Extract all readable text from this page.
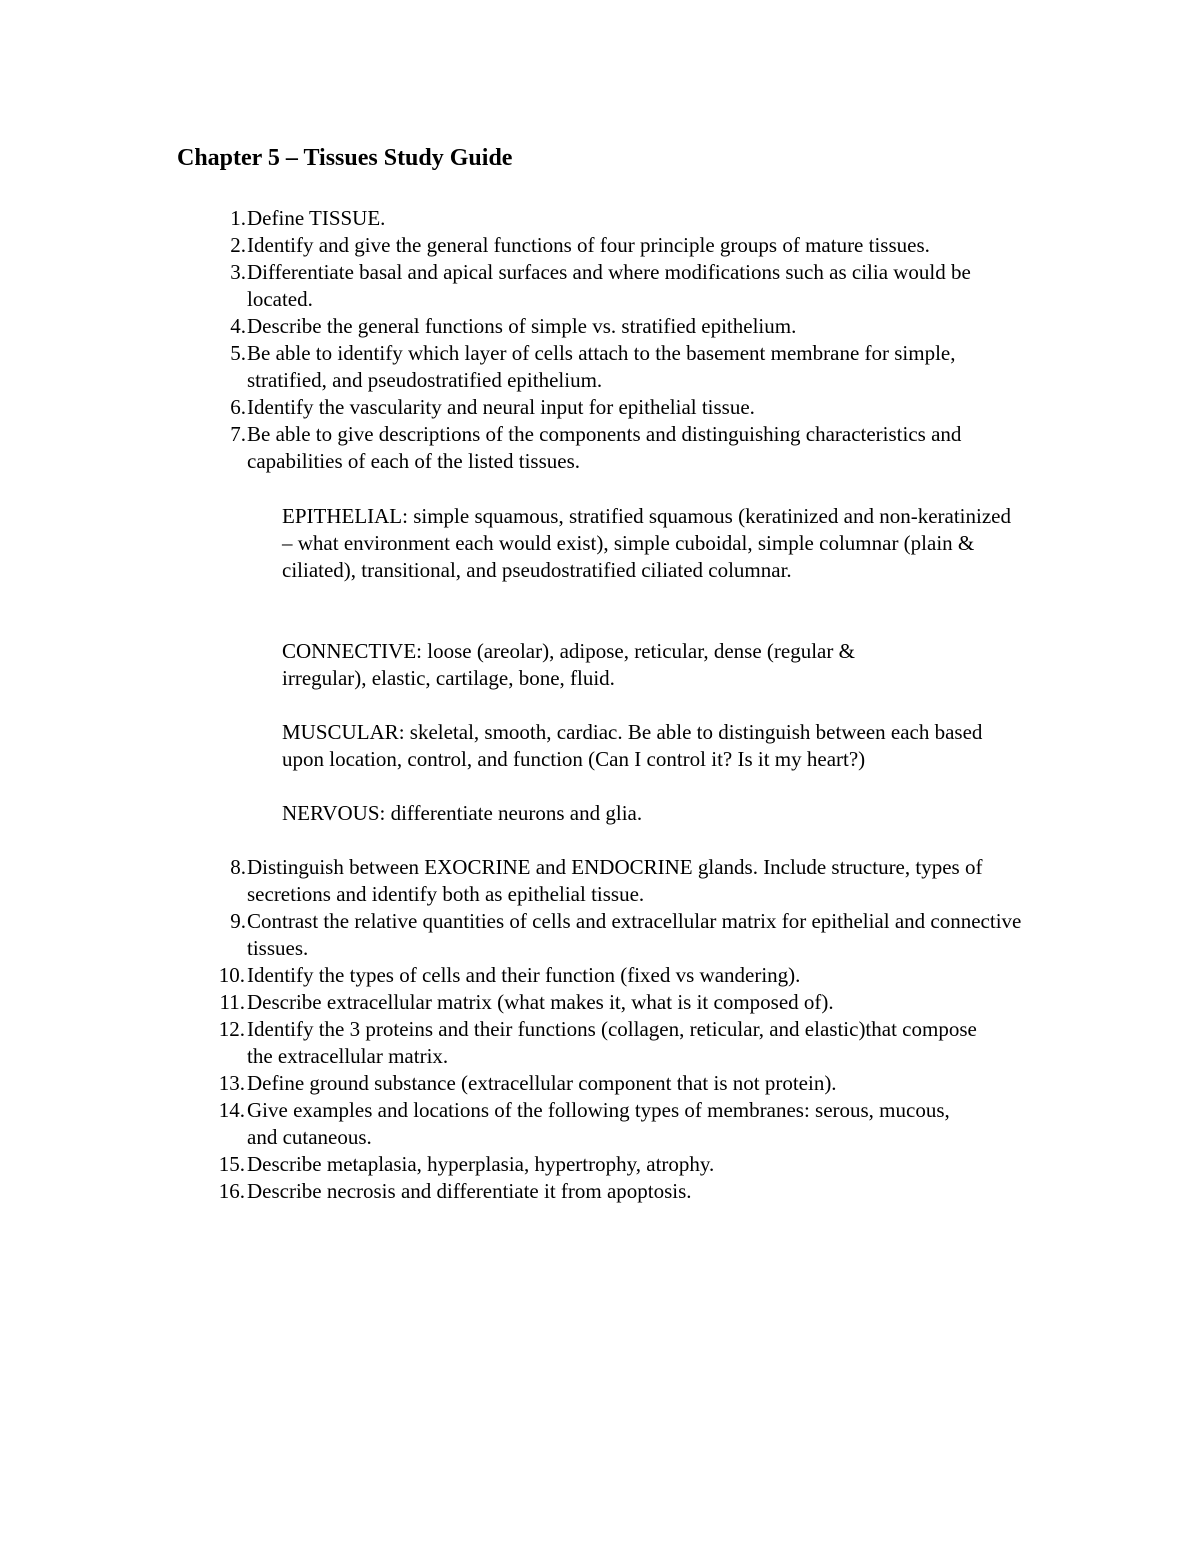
Chapter 5 – Tissues Study Guide
1. Define TISSUE.
2. Identify and give the general functions of four principle groups of mature tissues.
3. Differentiate basal and apical surfaces and where modifications such as cilia would be located.
4. Describe the general functions of simple vs. stratified epithelium.
5. Be able to identify which layer of cells attach to the basement membrane for simple, stratified, and pseudostratified epithelium.
6. Identify the vascularity and neural input for epithelial tissue.
7. Be able to give descriptions of the components and distinguishing characteristics and capabilities of each of the listed tissues.
EPITHELIAL: simple squamous, stratified squamous (keratinized and non-keratinized – what environment each would exist), simple cuboidal, simple columnar (plain & ciliated), transitional, and pseudostratified ciliated columnar.
CONNECTIVE: loose (areolar), adipose, reticular, dense (regular & irregular), elastic, cartilage, bone, fluid.
MUSCULAR: skeletal, smooth, cardiac. Be able to distinguish between each based upon location, control, and function (Can I control it? Is it my heart?)
NERVOUS: differentiate neurons and glia.
8. Distinguish between EXOCRINE and ENDOCRINE glands. Include structure, types of secretions and identify both as epithelial tissue.
9. Contrast the relative quantities of cells and extracellular matrix for epithelial and connective tissues.
10. Identify the types of cells and their function (fixed vs wandering).
11. Describe extracellular matrix (what makes it, what is it composed of).
12. Identify the 3 proteins and their functions (collagen, reticular, and elastic)that compose the extracellular matrix.
13. Define ground substance (extracellular component that is not protein).
14. Give examples and locations of the following types of membranes: serous, mucous, and cutaneous.
15. Describe metaplasia, hyperplasia, hypertrophy, atrophy.
16. Describe necrosis and differentiate it from apoptosis.
